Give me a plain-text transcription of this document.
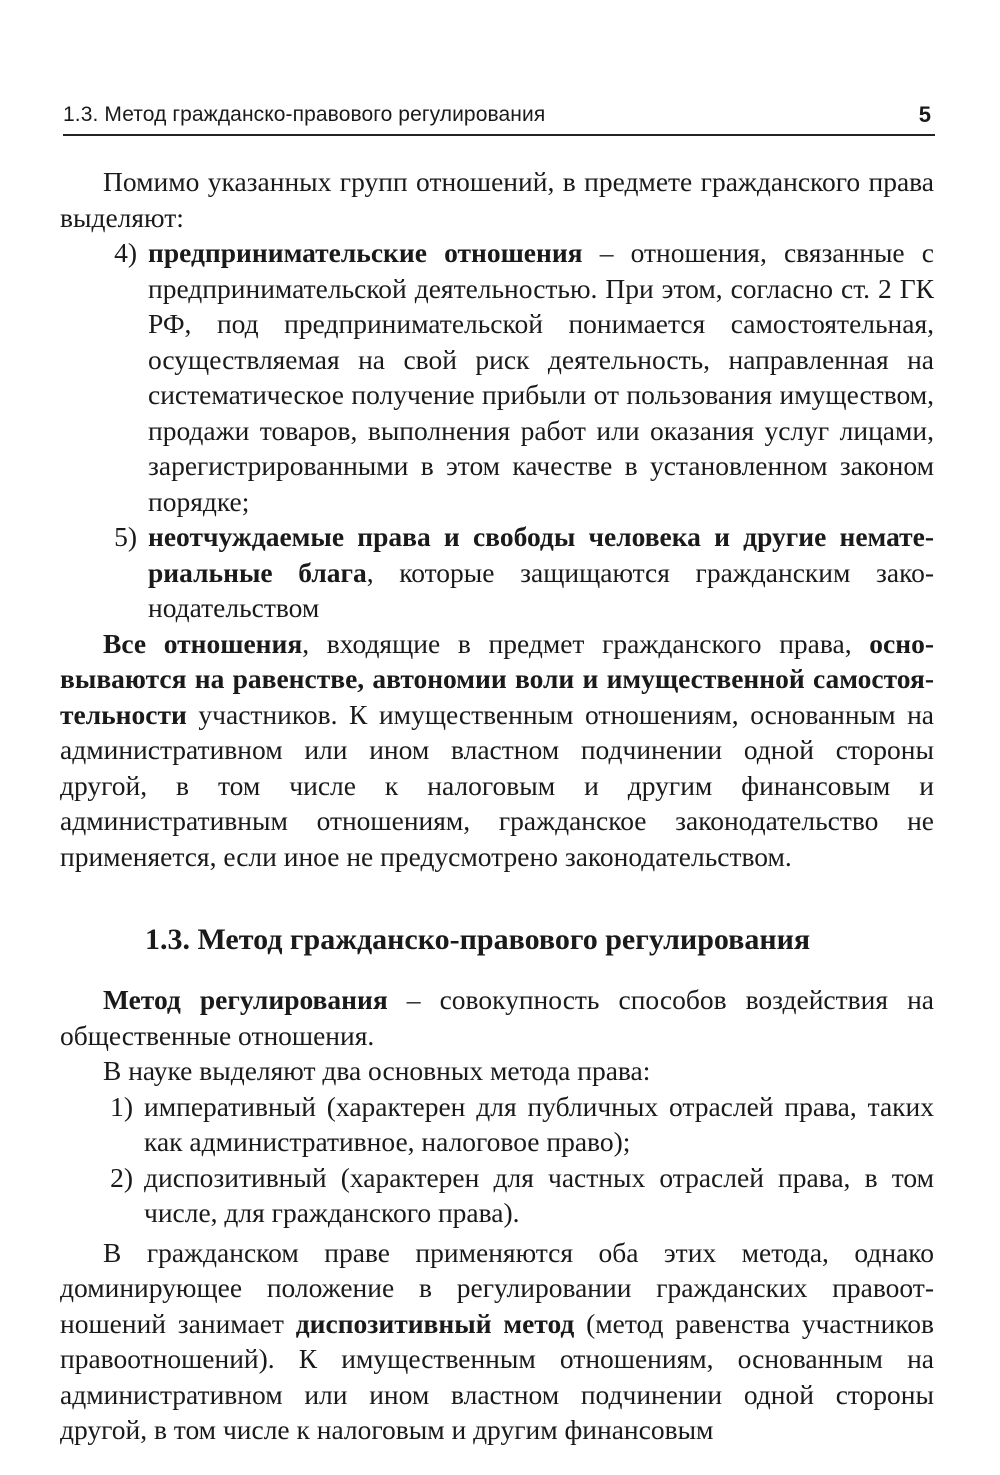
1.3. Метод гражданско-правового регулирования	5

Помимо указанных групп отношений, в предмете гражданского права выделяют:

4) предпринимательские отношения – отношения, связанные с предпринимательской деятельностью. При этом, согласно ст. 2 ГК РФ, под предпринимательской понимается самостоятельная, осуществляемая на свой риск деятельность, направленная на систематическое получение прибыли от пользования имуществом, продажи товаров, выполнения работ или оказания услуг лицами, зарегистрированными в этом качестве в установленном законом порядке;
5) неотчуждаемые права и свободы человека и другие нематериальные блага, которые защищаются гражданским законодательством

Все отношения, входящие в предмет гражданского права, основываются на равенстве, автономии воли и имущественной самостоятельности участников. К имущественным отношениям, основанным на административном или ином властном подчинении одной стороны другой, в том числе к налоговым и другим финансовым и административным отношениям, гражданское законодательство не применяется, если иное не предусмотрено законодательством.

1.3. Метод гражданско-правового регулирования

Метод регулирования – совокупность способов воздействия на общественные отношения.

В науке выделяют два основных метода права:

1) императивный (характерен для публичных отраслей права, таких как административное, налоговое право);
2) диспозитивный (характерен для частных отраслей права, в том числе, для гражданского права).

В гражданском праве применяются оба этих метода, однако доминирующее положение в регулировании гражданских правоотношений занимает диспозитивный метод (метод равенства участников правоотношений). К имущественным отношениям, основанным на административном или ином властном подчинении одной стороны другой, в том числе к налоговым и другим финансовым
